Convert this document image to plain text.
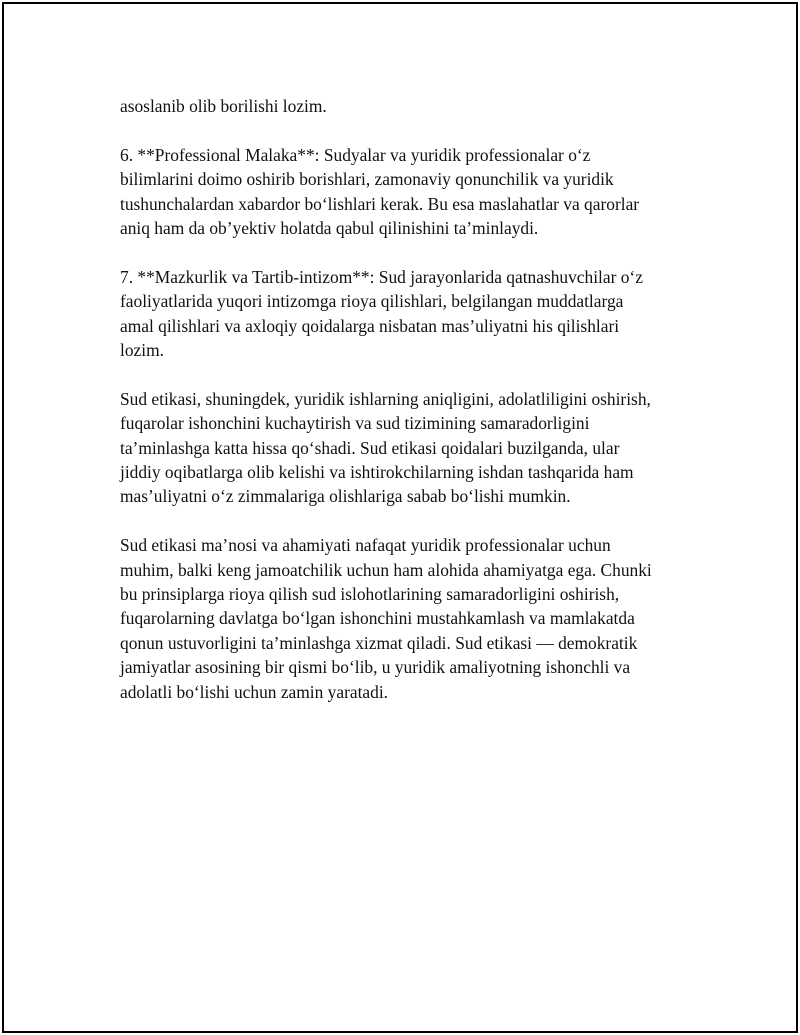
asoslanib olib borilishi lozim.

6. **Professional Malaka**: Sudyalar va yuridik professionalar o‘z
bilimlarini doimo oshirib borishlari, zamonaviy qonunchilik va yuridik
tushunchalardan xabardor bo‘lishlari kerak. Bu esa maslahatlar va qarorlar
aniq ham da ob’yektiv holatda qabul qilinishini ta’minlaydi.

7. **Mazkurlik va Tartib-intizom**: Sud jarayonlarida qatnashuvchilar o‘z
faoliyatlarida yuqori intizomga rioya qilishlari, belgilangan muddatlarga
amal qilishlari va axloqiy qoidalarga nisbatan mas’uliyatni his qilishlari
lozim.

Sud etikasi, shuningdek, yuridik ishlarning aniqligini, adolatliligini oshirish,
fuqarolar ishonchini kuchaytirish va sud tizimining samaradorligini
ta’minlashga katta hissa qo‘shadi. Sud etikasi qoidalari buzilganda, ular
jiddiy oqibatlarga olib kelishi va ishtirokchilarning ishdan tashqarida ham
mas’uliyatni o‘z zimmalariga olishlariga sabab bo‘lishi mumkin.

Sud etikasi ma’nosi va ahamiyati nafaqat yuridik professionalar uchun
muhim, balki keng jamoatchilik uchun ham alohida ahamiyatga ega. Chunki
bu prinsiplarga rioya qilish sud islohotlarining samaradorligini oshirish,
fuqarolarning davlatga bo‘lgan ishonchini mustahkamlash va mamlakatda
qonun ustuvorligini ta’minlashga xizmat qiladi. Sud etikasi — demokratik
jamiyatlar asosining bir qismi bo‘lib, u yuridik amaliyotning ishonchli va
adolatli bo‘lishi uchun zamin yaratadi.
